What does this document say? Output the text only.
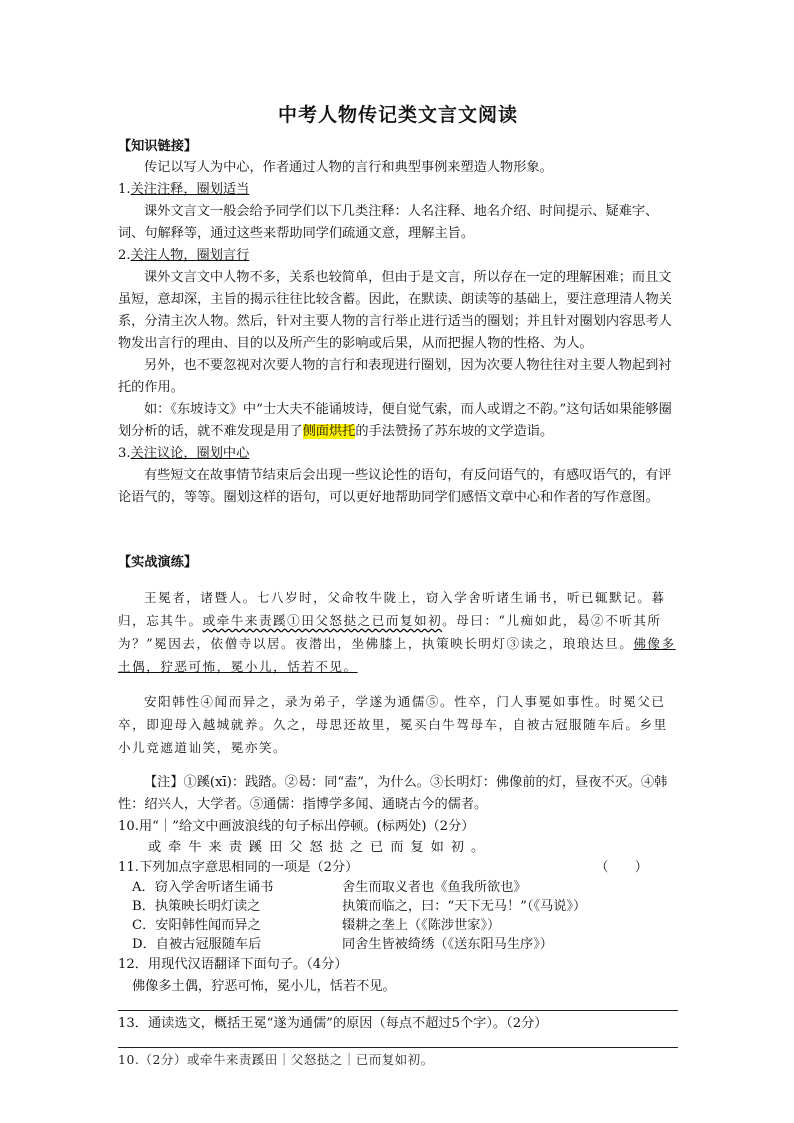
中考人物传记类文言文阅读

【知识链接】

传记以写人为中心，作者通过人物的言行和典型事例来塑造人物形象。

1.关注注释，圈划适当

课外文言文一般会给予同学们以下几类注释：人名注释、地名介绍、时间提示、疑难字、词、句解释等，通过这些来帮助同学们疏通文意，理解主旨。

2.关注人物，圈划言行

课外文言文中人物不多，关系也较简单，但由于是文言，所以存在一定的理解困难；而且文虽短，意却深，主旨的揭示往往比较含蓄。因此，在默读、朗读等的基础上，要注意理清人物关系，分清主次人物。然后，针对主要人物的言行举止进行适当的圈划；并且针对圈划内容思考人物发出言行的理由、目的以及所产生的影响或后果，从而把握人物的性格、为人。

另外，也不要忽视对次要人物的言行和表现进行圈划，因为次要人物往往对主要人物起到衬托的作用。

如：《东坡诗文》中“士大夫不能诵坡诗，便自觉气索，而人或谓之不韵。”这句话如果能够圈划分析的话，就不难发现是用了侧面烘托的手法赞扬了苏东坡的文学造诣。

3.关注议论，圈划中心

有些短文在故事情节结束后会出现一些议论性的语句，有反问语气的，有感叹语气的，有评论语气的，等等。圈划这样的语句，可以更好地帮助同学们感悟文章中心和作者的写作意图。

【实战演练】

王冕者，诸暨人。七八岁时，父命牧牛陇上，窃入学舍听诸生诵书，听已辄默记。暮归，忘其牛。或牵牛来责蹊①田父怒挞之已而复如初。母曰：“儿痴如此，曷②不听其所为？”冕因去，依僧寺以居。夜潜出，坐佛膝上，执策映长明灯③读之，琅琅达旦。佛像多土偶，狞恶可怖，冕小儿，恬若不见。

安阳韩性④闻而异之，录为弟子，学遂为通儒⑤。性卒，门人事冕如事性。时冕父已卒，即迎母入越城就养。久之，母思还故里，冕买白牛驾母车，自被古冠服随车后。乡里小儿竞遮道讪笑，冕亦笑。

【注】①蹊(xī)：践踏。②曷：同“盍”，为什么。③长明灯：佛像前的灯，昼夜不灭。④韩性：绍兴人，大学者。⑤通儒：指博学多闻、通晓古今的儒者。

10.用“｜”给文中画波浪线的句子标出停顿。(标两处)（2分）

或牵牛来责蹊田父怒挞之已而复如初。

11.下列加点字意思相同的一项是（2分）	（　　）
A．窃入学舍听诸生诵书	舍生而取义者也《鱼我所欲也》
B．执策映长明灯读之	执策而临之，曰：“天下无马！”（《马说》）
C．安阳韩性闻而异之	辍耕之垄上（《陈涉世家》）
D．自被古冠服随车后	同舍生皆被绮绣（《送东阳马生序》）

12．用现代汉语翻译下面句子。（4分）

佛像多土偶，狞恶可怖，冕小儿，恬若不见。

13．通读选文，概括王冕“遂为通儒”的原因（每点不超过5个字）。（2分）

10.（2分）或牵牛来责蹊田｜父怒挞之｜已而复如初。
